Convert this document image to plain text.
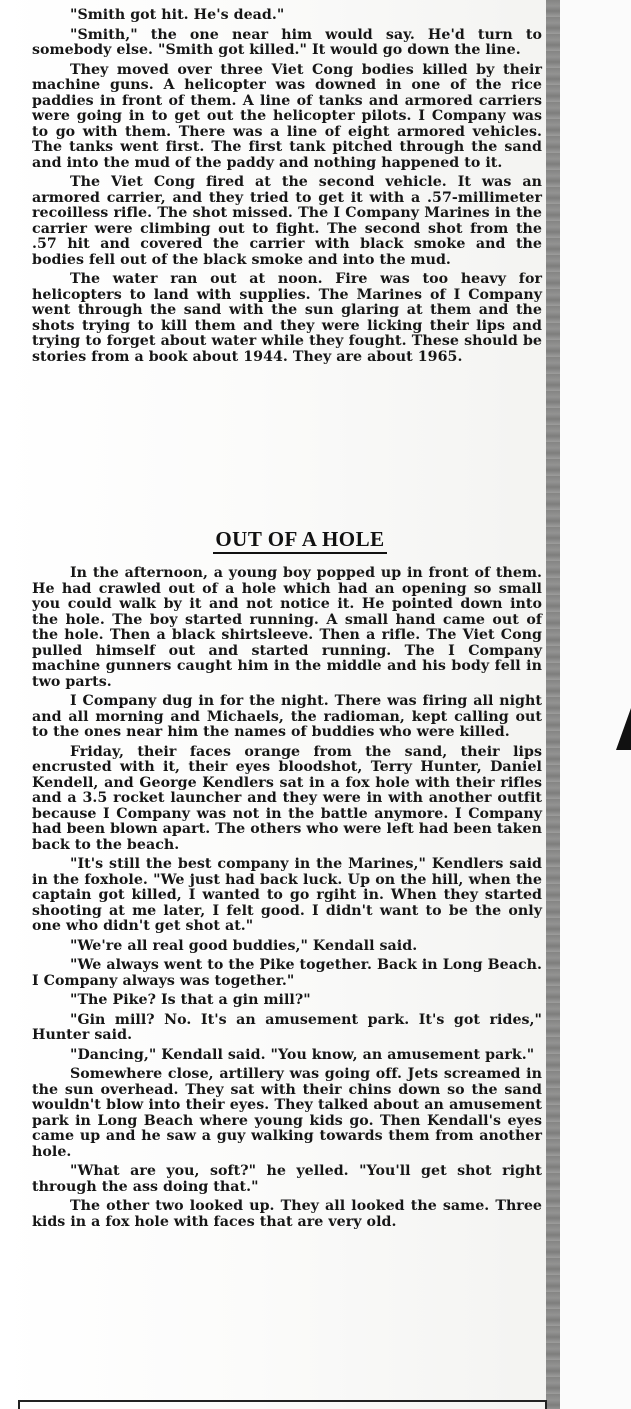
"Smith got hit. He's dead."

"Smith," the one near him would say. He'd turn to somebody else. "Smith got killed." It would go down the line.

They moved over three Viet Cong bodies killed by their machine guns. A helicopter was downed in one of the rice paddies in front of them. A line of tanks and armored carriers were going in to get out the helicopter pilots. I Company was to go with them. There was a line of eight armored vehicles. The tanks went first. The first tank pitched through the sand and into the mud of the paddy and nothing happened to it.

The Viet Cong fired at the second vehicle. It was an armored carrier, and they tried to get it with a .57-millimeter recoilless rifle. The shot missed. The I Company Marines in the carrier were climbing out to fight. The second shot from the .57 hit and covered the carrier with black smoke and the bodies fell out of the black smoke and into the mud.

The water ran out at noon. Fire was too heavy for helicopters to land with supplies. The Marines of I Company went through the sand with the sun glaring at them and the shots trying to kill them and they were licking their lips and trying to forget about water while they fought. These should be stories from a book about 1944. They are about 1965.

OUT OF A HOLE

In the afternoon, a young boy popped up in front of them. He had crawled out of a hole which had an opening so small you could walk by it and not notice it. He pointed down into the hole. The boy started running. A small hand came out of the hole. Then a black shirtsleeve. Then a rifle. The Viet Cong pulled himself out and started running. The I Company machine gunners caught him in the middle and his body fell in two parts.

I Company dug in for the night. There was firing all night and all morning and Michaels, the radioman, kept calling out to the ones near him the names of buddies who were killed.

Friday, their faces orange from the sand, their lips encrusted with it, their eyes bloodshot, Terry Hunter, Daniel Kendell, and George Kendlers sat in a fox hole with their rifles and a 3.5 rocket launcher and they were in with another outfit because I Company was not in the battle anymore. I Company had been blown apart. The others who were left had been taken back to the beach.

"It's still the best company in the Marines," Kendlers said in the foxhole. "We just had back luck. Up on the hill, when the captain got killed, I wanted to go rgiht in. When they started shooting at me later, I felt good. I didn't want to be the only one who didn't get shot at."

"We're all real good buddies," Kendall said.

"We always went to the Pike together. Back in Long Beach. I Company always was together."

"The Pike? Is that a gin mill?"

"Gin mill? No. It's an amusement park. It's got rides," Hunter said.

"Dancing," Kendall said. "You know, an amusement park."

Somewhere close, artillery was going off. Jets screamed in the sun overhead. They sat with their chins down so the sand wouldn't blow into their eyes. They talked about an amusement park in Long Beach where young kids go. Then Kendall's eyes came up and he saw a guy walking towards them from another hole.

"What are you, soft?" he yelled. "You'll get shot right through the ass doing that."

The other two looked up. They all looked the same. Three kids in a fox hole with faces that are very old.
